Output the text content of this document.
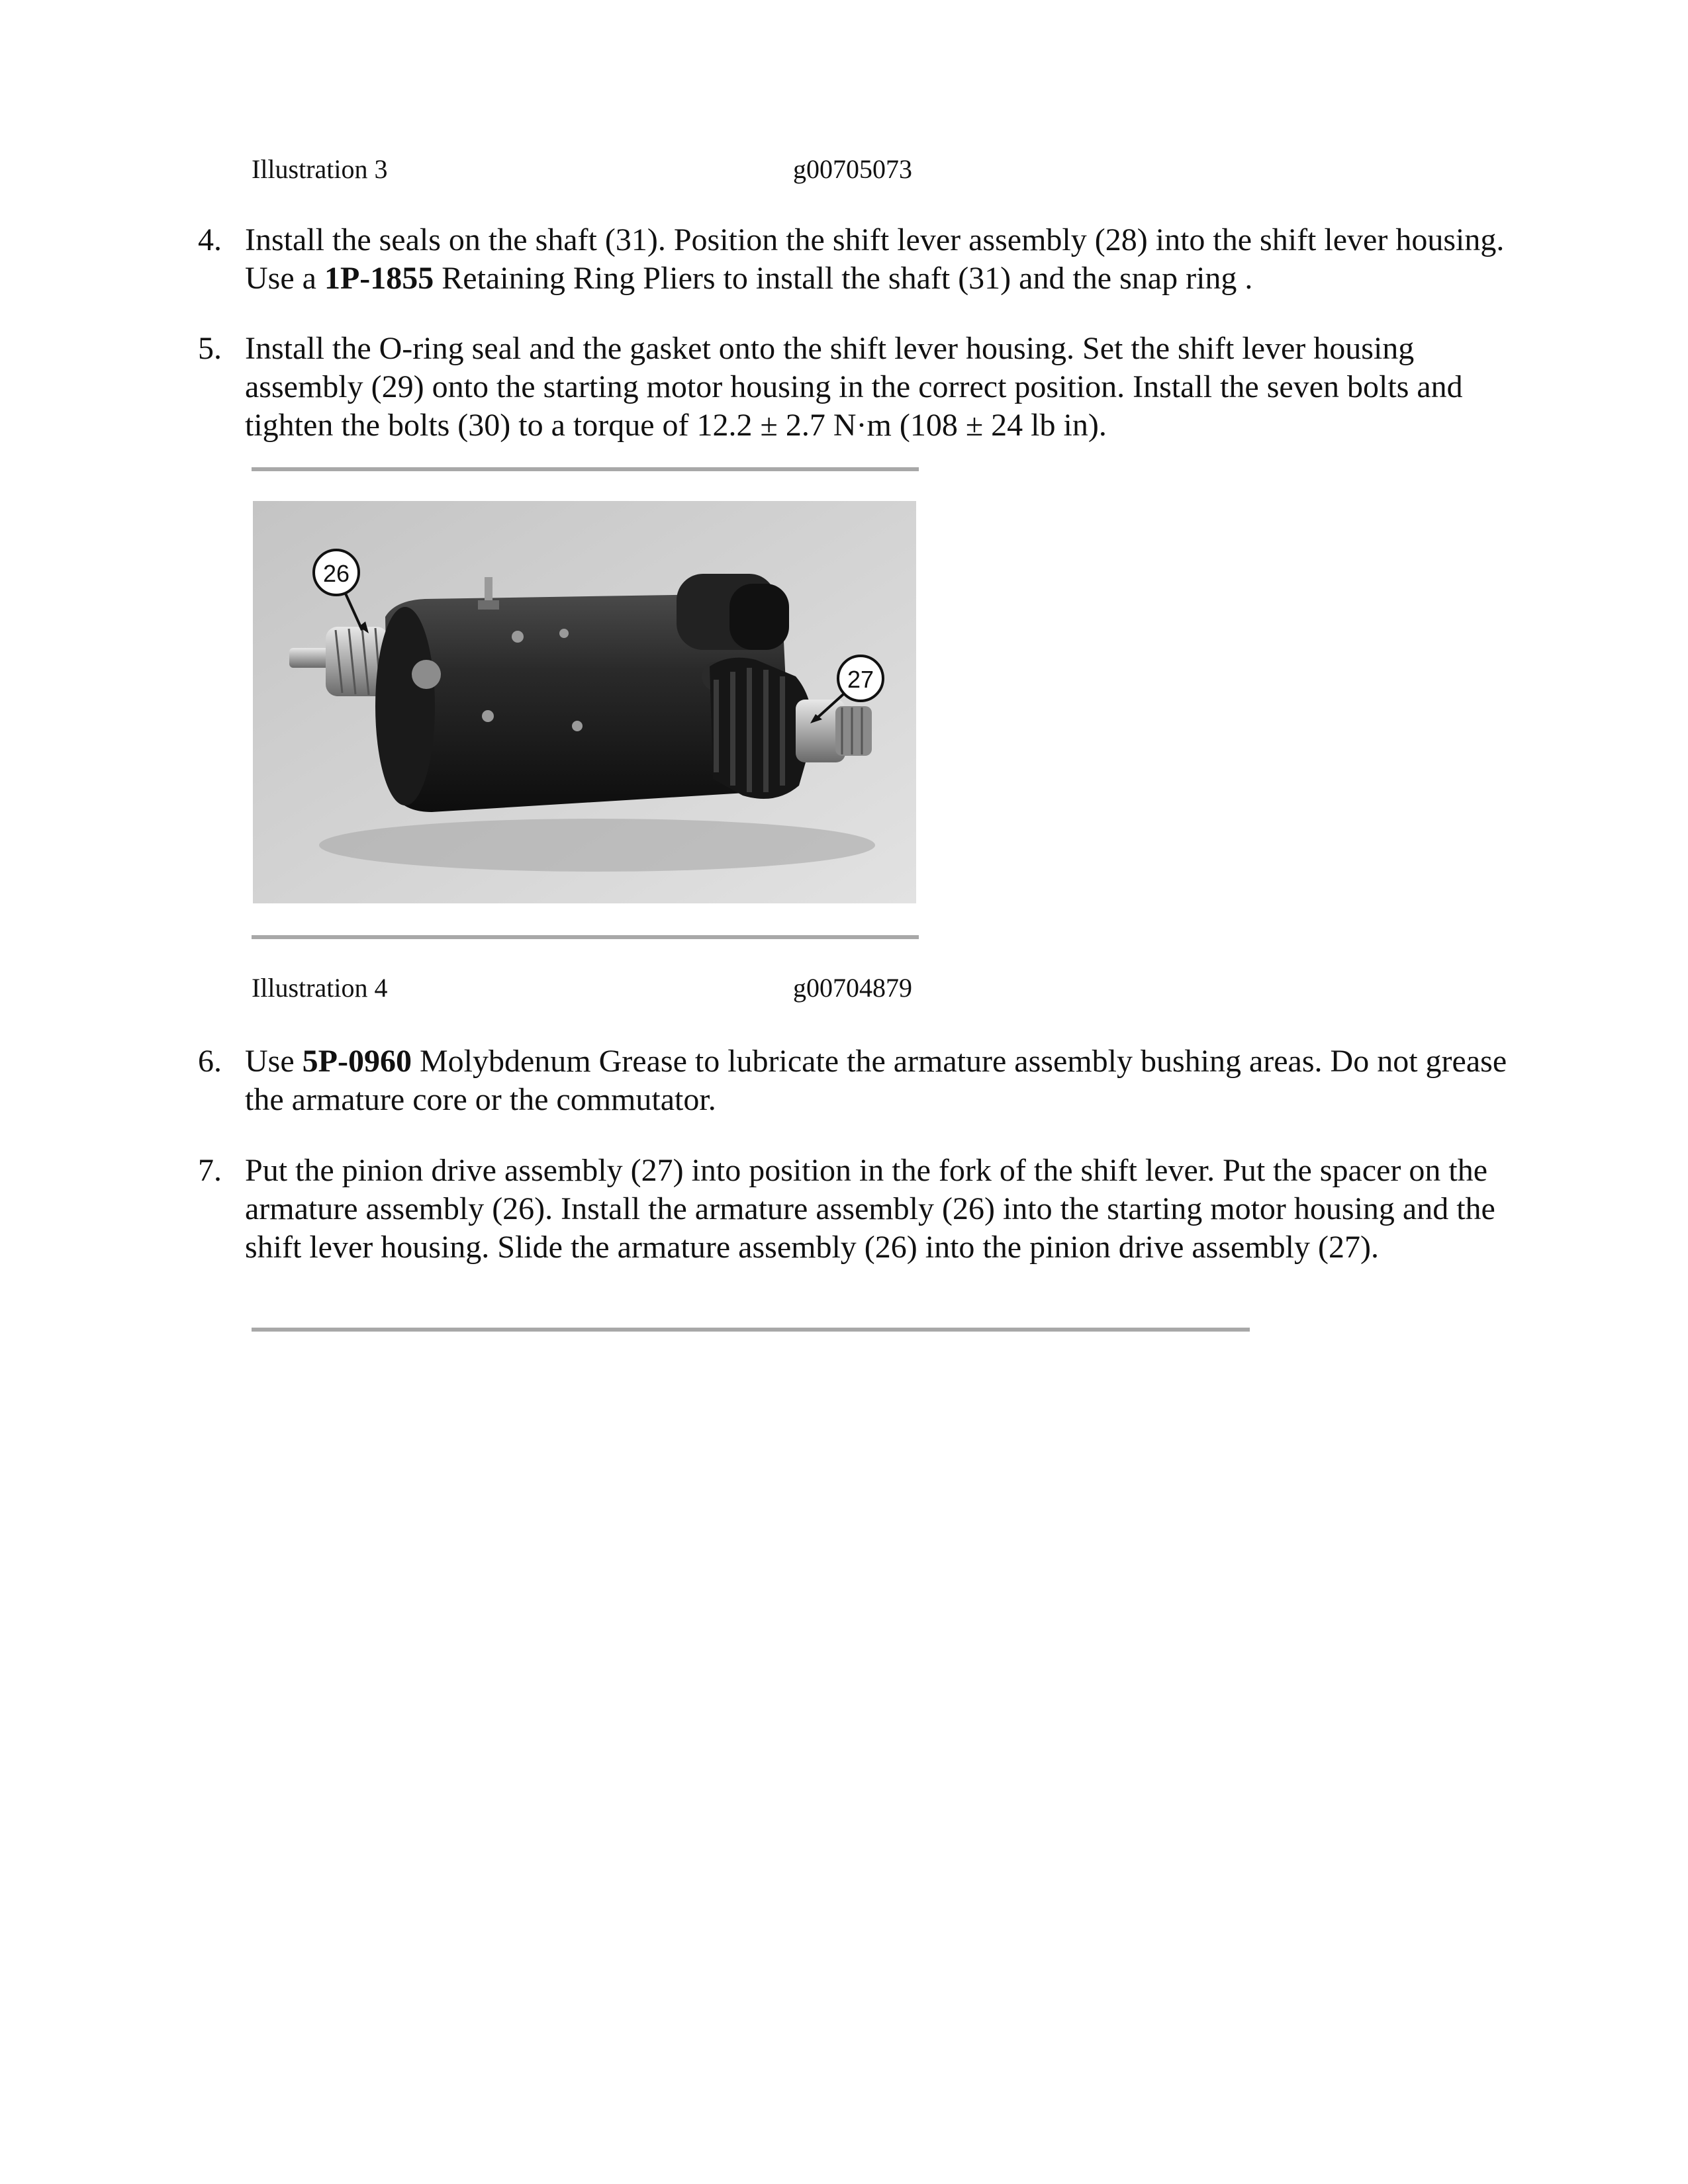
Illustration 3	g00705073
4. Install the seals on the shaft (31). Position the shift lever assembly (28) into the shift lever housing. Use a 1P-1855 Retaining Ring Pliers to install the shaft (31) and the snap ring .
5. Install the O-ring seal and the gasket onto the shift lever housing. Set the shift lever housing assembly (29) onto the starting motor housing in the correct position. Install the seven bolts and tighten the bolts (30) to a torque of 12.2 ± 2.7 N·m (108 ± 24 lb in).
26
27
Illustration 4	g00704879
6. Use 5P-0960 Molybdenum Grease to lubricate the armature assembly bushing areas. Do not grease the armature core or the commutator.
7. Put the pinion drive assembly (27) into position in the fork of the shift lever. Put the spacer on the armature assembly (26). Install the armature assembly (26) into the starting motor housing and the shift lever housing. Slide the armature assembly (26) into the pinion drive assembly (27).
